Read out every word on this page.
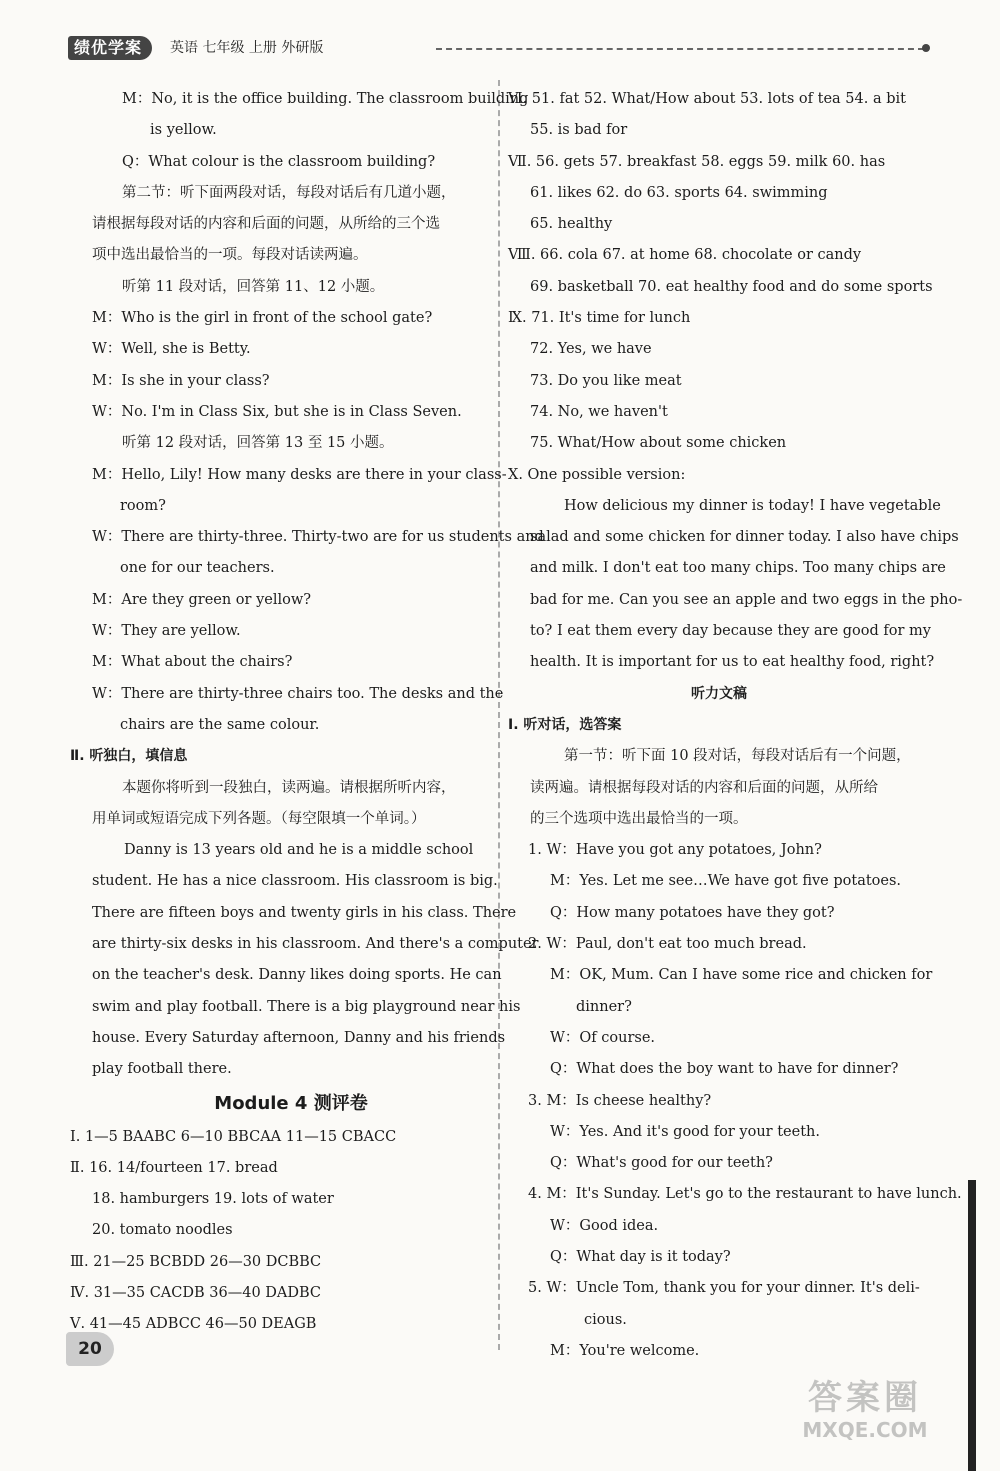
绩优学案	英语 七年级 上册 外研版
M：No, it is the office building. The classroom building
is yellow.
Q：What colour is the classroom building?
第二节：听下面两段对话，每段对话后有几道小题，
请根据每段对话的内容和后面的问题，从所给的三个选
项中选出最恰当的一项。每段对话读两遍。
听第 11 段对话，回答第 11、12 小题。
M：Who is the girl in front of the school gate?
W：Well, she is Betty.
M：Is she in your class?
W：No. I'm in Class Six, but she is in Class Seven.
听第 12 段对话，回答第 13 至 15 小题。
M：Hello, Lily! How many desks are there in your class-
room?
W：There are thirty-three. Thirty-two are for us students and
one for our teachers.
M：Are they green or yellow?
W：They are yellow.
M：What about the chairs?
W：There are thirty-three chairs too. The desks and the
chairs are the same colour.
Ⅱ. 听独白，填信息
本题你将听到一段独白，读两遍。请根据所听内容，
用单词或短语完成下列各题。（每空限填一个单词。）
Danny is 13 years old and he is a middle school
student. He has a nice classroom. His classroom is big.
There are fifteen boys and twenty girls in his class. There
are thirty-six desks in his classroom. And there's a computer
on the teacher's desk. Danny likes doing sports. He can
swim and play football. There is a big playground near his
house. Every Saturday afternoon, Danny and his friends
play football there.
Module 4 测评卷
Ⅰ. 1—5 BAABC 6—10 BBCAA 11—15 CBACC
Ⅱ. 16. 14/fourteen 17. bread
18. hamburgers 19. lots of water
20. tomato noodles
Ⅲ. 21—25 BCBDD 26—30 DCBBC
Ⅳ. 31—35 CACDB 36—40 DADBC
Ⅴ. 41—45 ADBCC 46—50 DEAGB
Ⅵ. 51. fat 52. What/How about 53. lots of tea 54. a bit
55. is bad for
Ⅶ. 56. gets 57. breakfast 58. eggs 59. milk 60. has
61. likes 62. do 63. sports 64. swimming
65. healthy
Ⅷ. 66. cola 67. at home 68. chocolate or candy
69. basketball 70. eat healthy food and do some sports
Ⅸ. 71. It's time for lunch
72. Yes, we have
73. Do you like meat
74. No, we haven't
75. What/How about some chicken
Ⅹ. One possible version:
How delicious my dinner is today! I have vegetable
salad and some chicken for dinner today. I also have chips
and milk. I don't eat too many chips. Too many chips are
bad for me. Can you see an apple and two eggs in the pho-
to? I eat them every day because they are good for my
health. It is important for us to eat healthy food, right?
听力文稿
Ⅰ. 听对话，选答案
第一节：听下面 10 段对话，每段对话后有一个问题，
读两遍。请根据每段对话的内容和后面的问题，从所给
的三个选项中选出最恰当的一项。
1. W：Have you got any potatoes, John?
M：Yes. Let me see…We have got five potatoes.
Q：How many potatoes have they got?
2. W：Paul, don't eat too much bread.
M：OK, Mum. Can I have some rice and chicken for
dinner?
W：Of course.
Q：What does the boy want to have for dinner?
3. M：Is cheese healthy?
W：Yes. And it's good for your teeth.
Q：What's good for our teeth?
4. M：It's Sunday. Let's go to the restaurant to have lunch.
W：Good idea.
Q：What day is it today?
5. W：Uncle Tom, thank you for your dinner. It's deli-
cious.
M：You're welcome.
20
答案圈
MXQE.COM
